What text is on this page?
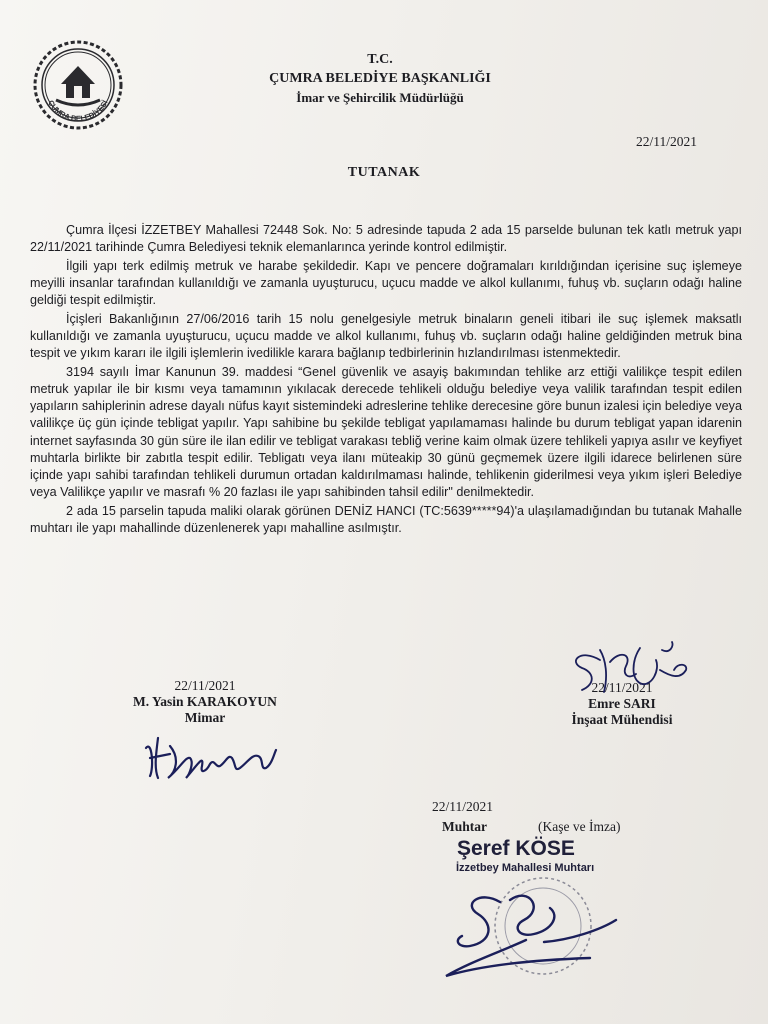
ÇUMRA BELEDİYESİ
T.C.
ÇUMRA BELEDİYE BAŞKANLIĞI
İmar ve Şehircilik Müdürlüğü
22/11/2021
TUTANAK

Çumra İlçesi İZZETBEY Mahallesi 72448 Sok. No: 5 adresinde tapuda 2 ada 15 parselde bulunan tek katlı metruk yapı 22/11/2021 tarihinde Çumra Belediyesi teknik elemanlarınca yerinde kontrol edilmiştir.

İlgili yapı terk edilmiş metruk ve harabe şekildedir. Kapı ve pencere doğramaları kırıldığından içerisine suç işlemeye meyilli insanlar tarafından kullanıldığı ve zamanla uyuşturucu, uçucu madde ve alkol kullanımı, fuhuş vb. suçların odağı haline geldiği tespit edilmiştir.

İçişleri Bakanlığının 27/06/2016 tarih 15 nolu genelgesiyle metruk binaların geneli itibari ile suç işlemek maksatlı kullanıldığı ve zamanla uyuşturucu, uçucu madde ve alkol kullanımı, fuhuş vb. suçların odağı haline geldiğinden metruk bina tespit ve yıkım kararı ile ilgili işlemlerin ivedilikle karara bağlanıp tedbirlerinin hızlandırılması istenmektedir.

3194 sayılı İmar Kanunun 39. maddesi “Genel güvenlik ve asayiş bakımından tehlike arz ettiği valilikçe tespit edilen metruk yapılar ile bir kısmı veya tamamının yıkılacak derecede tehlikeli olduğu belediye veya valilik tarafından tespit edilen yapıların sahiplerinin adrese dayalı nüfus kayıt sistemindeki adreslerine tehlike derecesine göre bunun izalesi için belediye veya valilikçe üç gün içinde tebligat yapılır. Yapı sahibine bu şekilde tebligat yapılamaması halinde bu durum tebligat yapan idarenin internet sayfasında 30 gün süre ile ilan edilir ve tebligat varakası tebliğ verine kaim olmak üzere tehlikeli yapıya asılır ve keyfiyet muhtarla birlikte bir zabıtla tespit edilir. Tebligatı veya ilanı müteakip 30 günü geçmemek üzere ilgili idarece belirlenen süre içinde yapı sahibi tarafından tehlikeli durumun ortadan kaldırılmaması halinde, tehlikenin giderilmesi veya yıkım işleri Belediye veya Valilikçe yapılır ve masrafı % 20 fazlası ile yapı sahibinden tahsil edilir" denilmektedir.

2 ada 15 parselin tapuda maliki olarak görünen DENİZ HANCI (TC:5639*****94)'a ulaşılamadığından bu tutanak Mahalle muhtarı ile yapı mahallinde düzenlenerek yapı mahalline asılmıştır.

22/11/2021
M. Yasin KARAKOYUN
Mimar
22/11/2021
Emre SARI
İnşaat Mühendisi
22/11/2021
Muhtar	(Kaşe ve İmza)
Şeref KÖSE
İzzetbey Mahallesi Muhtarı
